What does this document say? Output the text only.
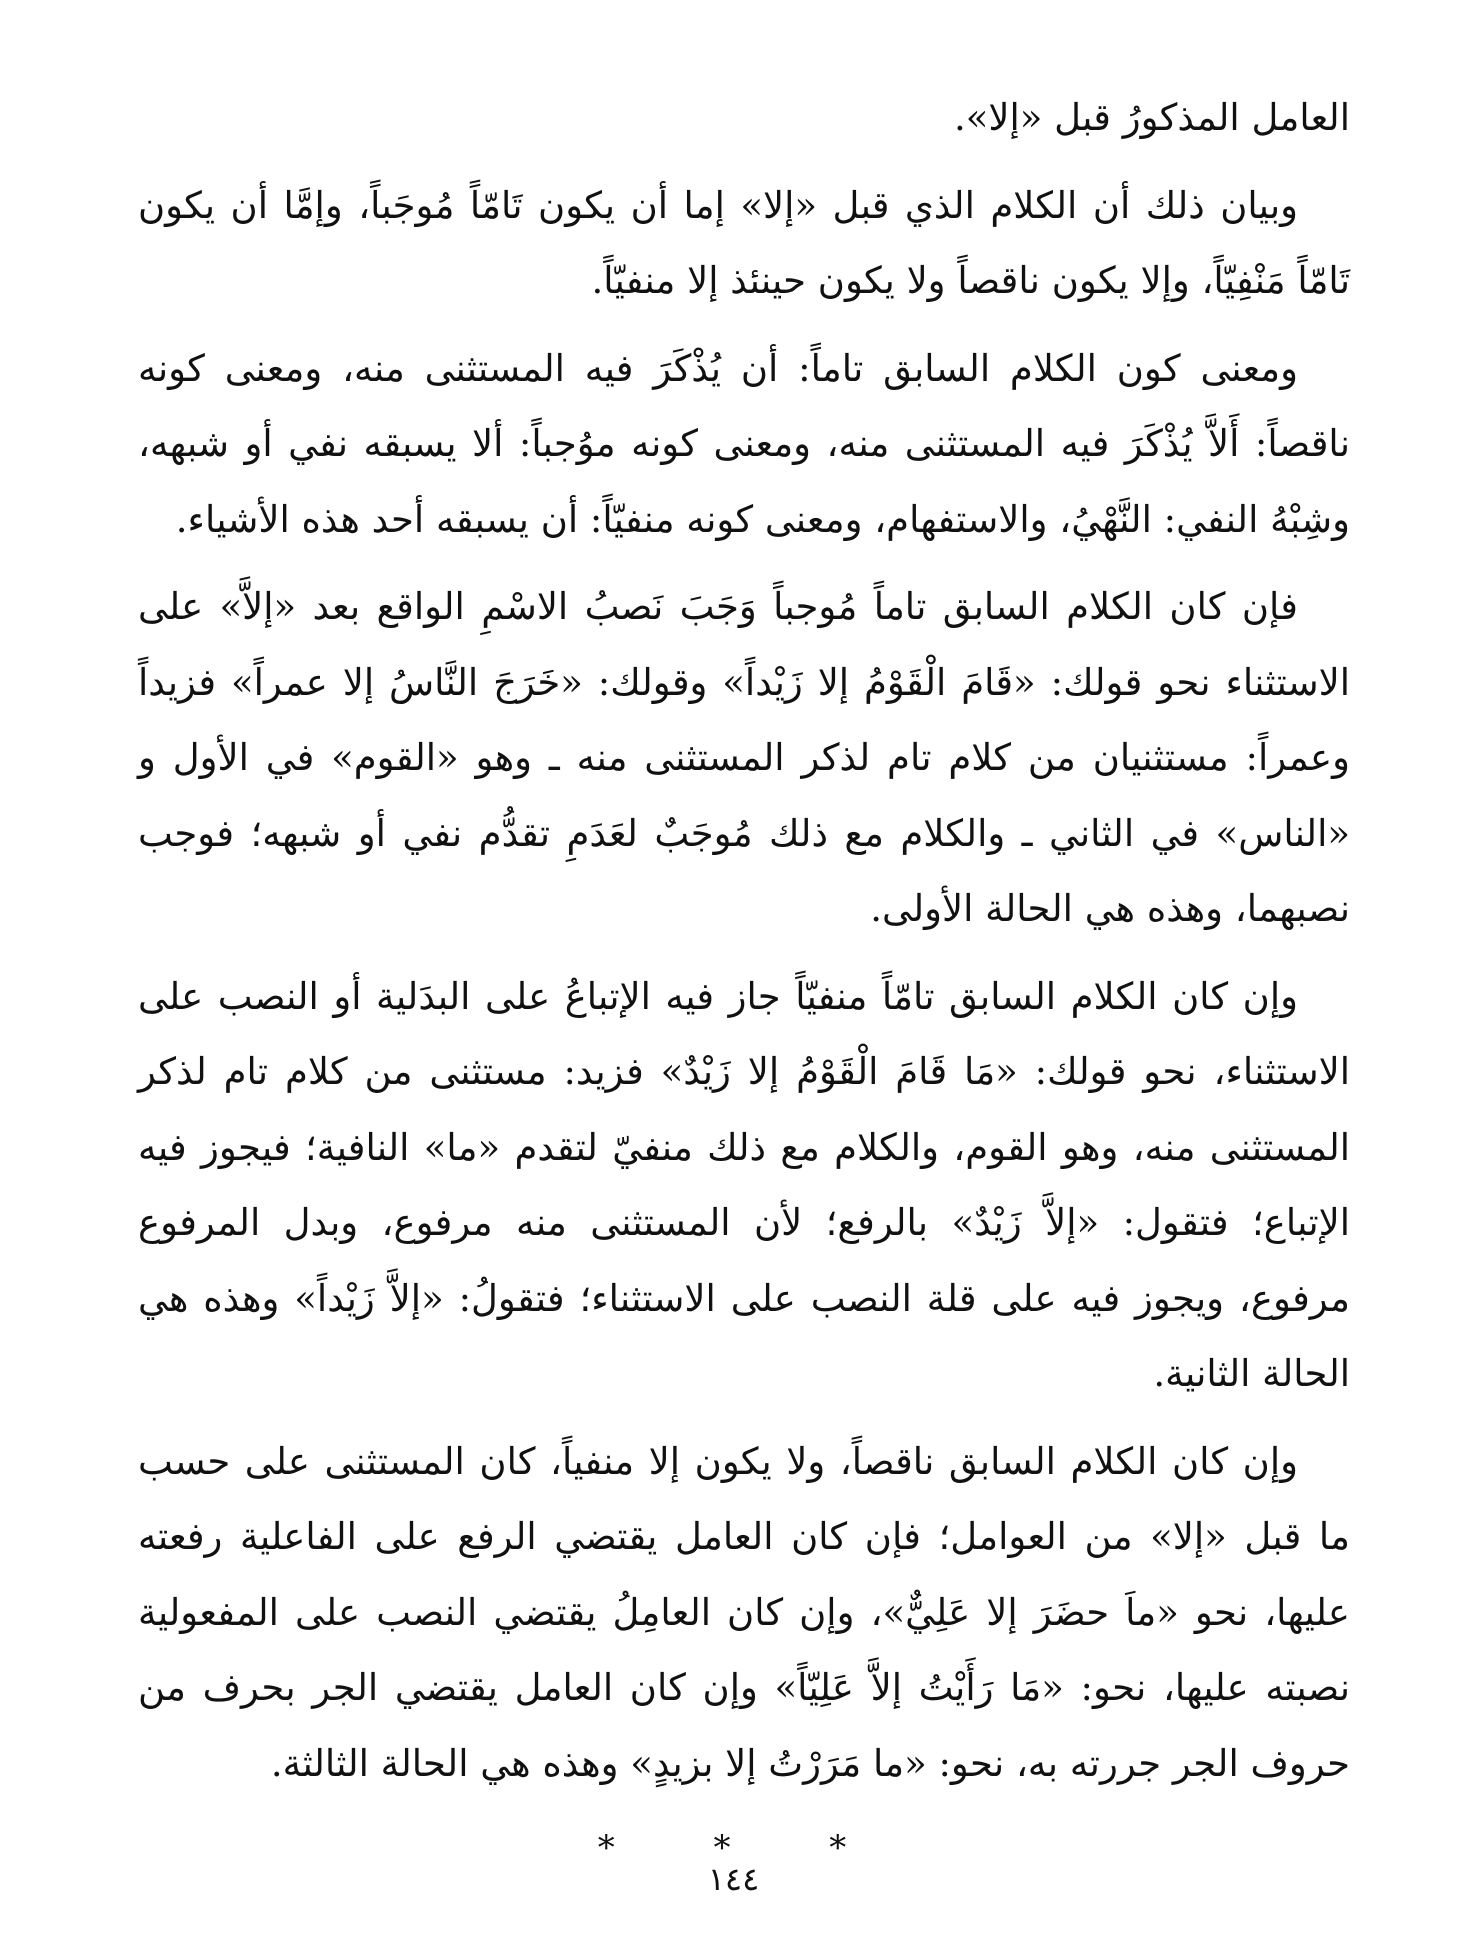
العامل المذكورُ قبل «إلا».

وبيان ذلك أن الكلام الذي قبل «إلا» إما أن يكون تَامّاً مُوجَباً، وإمَّا أن يكون تَامّاً مَنْفِيّاً، وإلا يكون ناقصاً ولا يكون حينئذ إلا منفيّاً.

ومعنى كون الكلام السابق تاماً: أن يُذْكَرَ فيه المستثنى منه، ومعنى كونه ناقصاً: أَلاَّ يُذْكَرَ فيه المستثنى منه، ومعنى كونه موُجباً: ألا يسبقه نفي أو شبهه، وشِبْهُ النفي: النَّهْيُ، والاستفهام، ومعنى كونه منفيّاً: أن يسبقه أحد هذه الأشياء.

فإن كان الكلام السابق تاماً مُوجباً وَجَبَ نَصبُ الاسْمِ الواقع بعد «إلاَّ» على الاستثناء نحو قولك: «قَامَ الْقَوْمُ إلا زَيْداً» وقولك: «خَرَجَ النَّاسُ إلا عمراً» فزيداً وعمراً: مستثنيان من كلام تام لذكر المستثنى منه ـ وهو «القوم» في الأول و «الناس» في الثاني ـ والكلام مع ذلك مُوجَبٌ لعَدَمِ تقدُّم نفي أو شبهه؛ فوجب نصبهما، وهذه هي الحالة الأولى.

وإن كان الكلام السابق تامّاً منفيّاً جاز فيه الإتباعُ على البدَلية أو النصب على الاستثناء، نحو قولك: «مَا قَامَ الْقَوْمُ إلا زَيْدٌ» فزيد: مستثنى من كلام تام لذكر المستثنى منه، وهو القوم، والكلام مع ذلك منفيّ لتقدم «ما» النافية؛ فيجوز فيه الإتباع؛ فتقول: «إلاَّ زَيْدٌ» بالرفع؛ لأن المستثنى منه مرفوع، وبدل المرفوع مرفوع، ويجوز فيه على قلة النصب على الاستثناء؛ فتقولُ: «إلاَّ زَيْداً» وهذه هي الحالة الثانية.

وإن كان الكلام السابق ناقصاً، ولا يكون إلا منفياً، كان المستثنى على حسب ما قبل «إلا» من العوامل؛ فإن كان العامل يقتضي الرفع على الفاعلية رفعته عليها، نحو «ماَ حضَرَ إلا عَلِيٌّ»، وإن كان العامِلُ يقتضي النصب على المفعولية نصبته عليها، نحو: «مَا رَأَيْتُ إلاَّ عَلِيّاً» وإن كان العامل يقتضي الجر بحرف من حروف الجر جررته به، نحو: «ما مَرَرْتُ إلا بزيدٍ» وهذه هي الحالة الثالثة.

* * *
١٤٤
